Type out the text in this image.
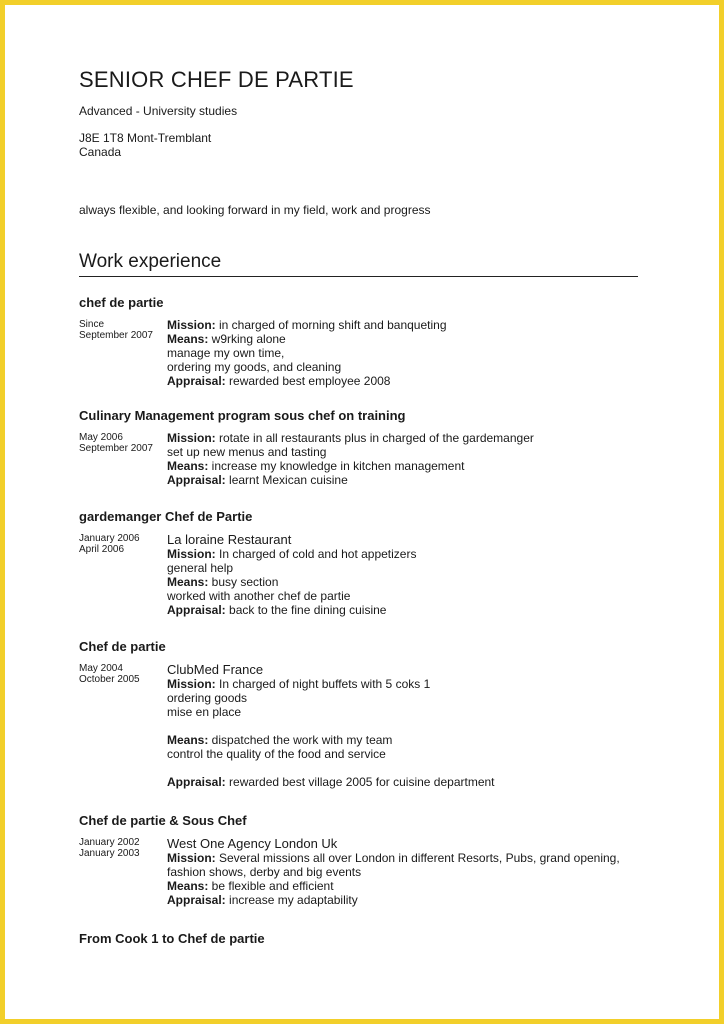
SENIOR CHEF DE PARTIE
Advanced - University studies
J8E 1T8 Mont-Tremblant
Canada
always flexible, and looking forward in my field, work and progress
Work experience
chef de partie
Since
September 2007
Mission: in charged of morning shift and banqueting
Means: w9rking alone
manage my own time,
ordering my goods, and cleaning
Appraisal: rewarded best employee 2008
Culinary Management program sous chef on training
May 2006
September 2007
Mission: rotate in all restaurants plus in charged of the gardemanger
set up new menus and tasting
Means: increase my knowledge in kitchen management
Appraisal: learnt Mexican cuisine
gardemanger Chef de Partie
January 2006
April 2006
La loraine Restaurant
Mission: In charged of cold and hot appetizers
general help
Means: busy section
worked with another chef de partie
Appraisal: back to the fine dining cuisine
Chef de partie
May 2004
October 2005
ClubMed France
Mission: In charged of night buffets with 5 coks 1
ordering goods
mise en place
Means: dispatched the work with my team
control the quality of the food and service
Appraisal: rewarded best village 2005 for cuisine department
Chef de partie & Sous Chef
January 2002
January 2003
West One Agency London Uk
Mission: Several missions all over London in different Resorts, Pubs, grand opening,
fashion shows, derby and big events
Means: be flexible and efficient
Appraisal: increase my adaptability
From Cook 1 to Chef de partie
